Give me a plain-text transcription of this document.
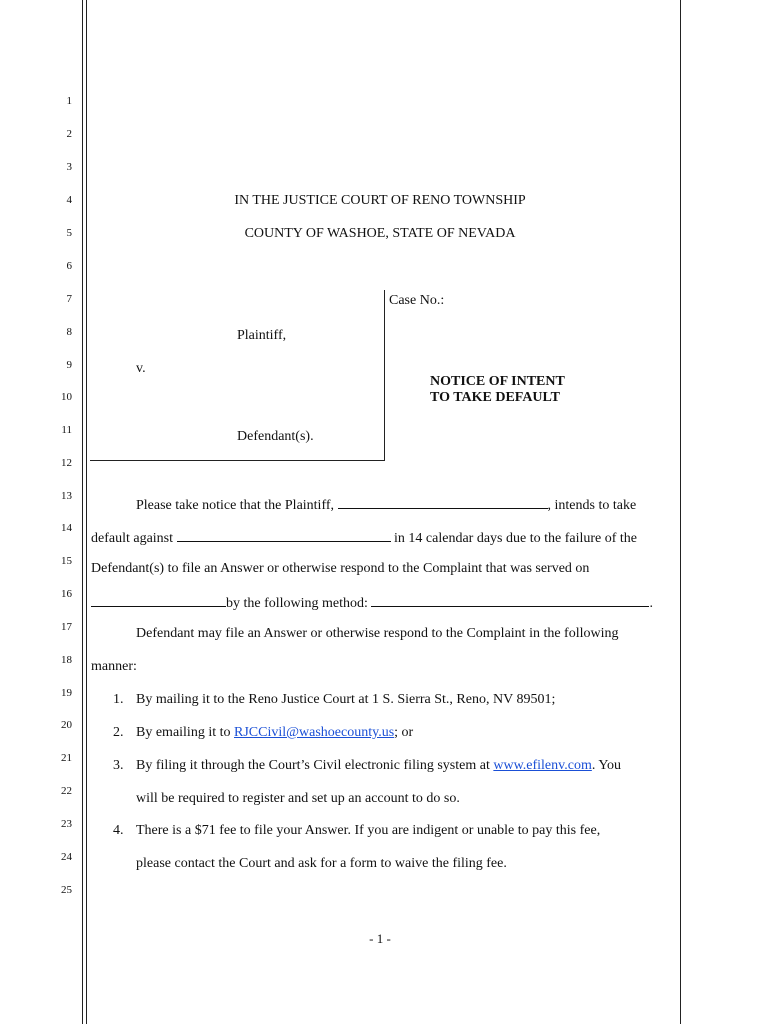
1
2
3
4
5
6
7
8
9
10
11
12
13
14
15
16
17
18
19
20
21
22
23
24
25
IN THE JUSTICE COURT OF RENO TOWNSHIP
COUNTY OF WASHOE, STATE OF NEVADA
Case No.:
Plaintiff,
v.
Defendant(s).
NOTICE OF INTENT
TO TAKE DEFAULT
Please take notice that the Plaintiff,	, intends to take
default against	in 14 calendar days due to the failure of the
Defendant(s) to file an Answer or otherwise respond to the Complaint that was served on
by the following method:	.
Defendant may file an Answer or otherwise respond to the Complaint in the following
manner:
1. By mailing it to the Reno Justice Court at 1 S. Sierra St., Reno, NV 89501;
2. By emailing it to RJCCivil@washoecounty.us; or
3. By filing it through the Court’s Civil electronic filing system at www.efilenv.com. You
will be required to register and set up an account to do so.
4. There is a $71 fee to file your Answer. If you are indigent or unable to pay this fee,
please contact the Court and ask for a form to waive the filing fee.
- 1 -
